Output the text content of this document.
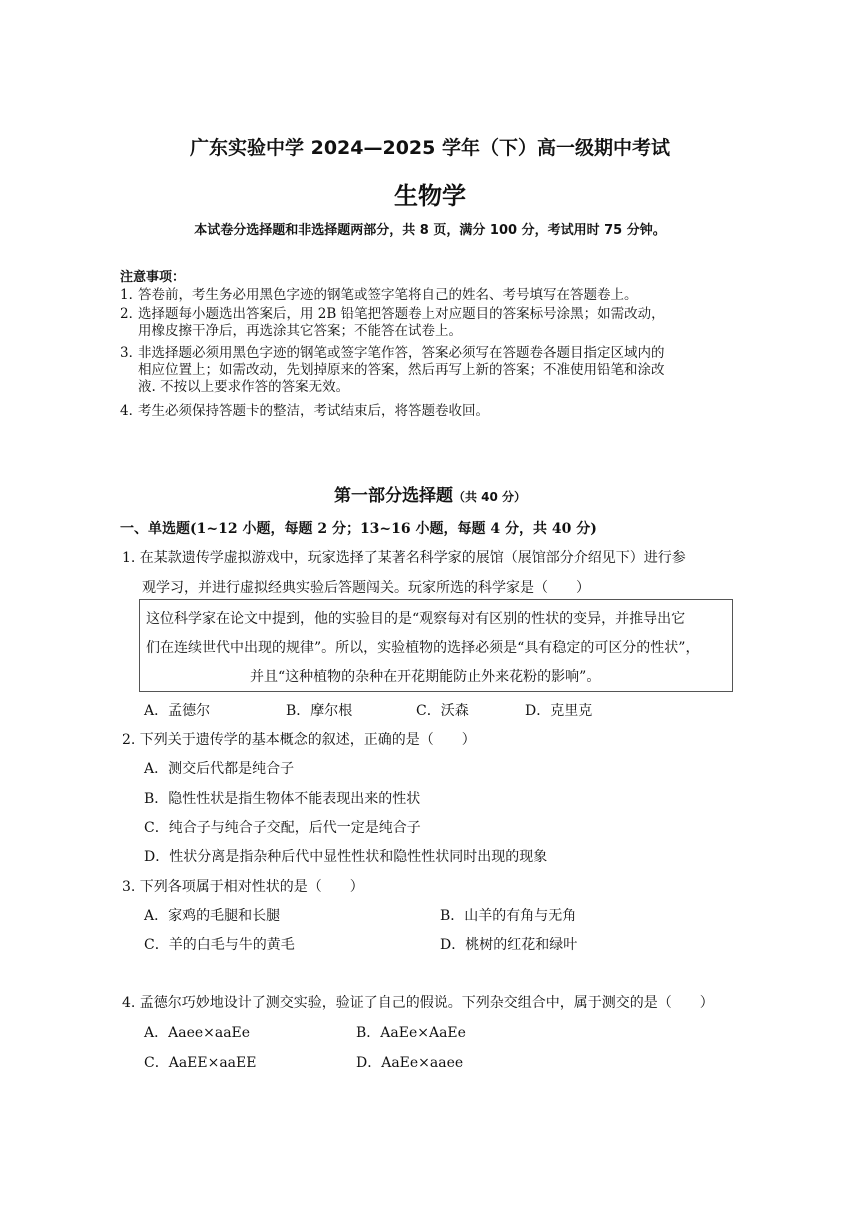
广东实验中学 2024—2025 学年（下）高一级期中考试
生物学
本试卷分选择题和非选择题两部分，共 8 页，满分 100 分，考试用时 75 分钟。
注意事项：
1．答卷前，考生务必用黑色字迹的钢笔或签字笔将自己的姓名、考号填写在答题卷上。
2．选择题每小题选出答案后，用 2B 铅笔把答题卷上对应题目的答案标号涂黑；如需改动，
用橡皮擦干净后，再选涂其它答案；不能答在试卷上。
3．非选择题必须用黑色字迹的钢笔或签字笔作答，答案必须写在答题卷各题目指定区域内的
相应位置上；如需改动，先划掉原来的答案，然后再写上新的答案；不准使用铅笔和涂改
液. 不按以上要求作答的答案无效。
4．考生必须保持答题卡的整洁，考试结束后，将答题卷收回。
第一部分选择题（共 40 分）
一、单选题(1~12 小题，每题 2 分；13~16 小题，每题 4 分，共 40 分)
1. 在某款遗传学虚拟游戏中，玩家选择了某著名科学家的展馆（展馆部分介绍见下）进行参
观学习，并进行虚拟经典实验后答题闯关。玩家所选的科学家是（　　）
这位科学家在论文中提到，他的实验目的是“观察每对有区别的性状的变异，并推导出它
们在连续世代中出现的规律”。所以，实验植物的选择必须是“具有稳定的可区分的性状”，
并且“这种植物的杂种在开花期能防止外来花粉的影响”。
A．孟德尔	B．摩尔根	C．沃森	D．克里克
2. 下列关于遗传学的基本概念的叙述，正确的是（　　）
A．测交后代都是纯合子
B．隐性性状是指生物体不能表现出来的性状
C．纯合子与纯合子交配，后代一定是纯合子
D．性状分离是指杂种后代中显性性状和隐性性状同时出现的现象
3. 下列各项属于相对性状的是（　　）
A．家鸡的毛腿和长腿	B．山羊的有角与无角
C．羊的白毛与牛的黄毛	D．桃树的红花和绿叶
4. 孟德尔巧妙地设计了测交实验，验证了自己的假说。下列杂交组合中，属于测交的是（　　）
A．Aaee×aaEe	B．AaEe×AaEe
C．AaEE×aaEE	D．AaEe×aaee
